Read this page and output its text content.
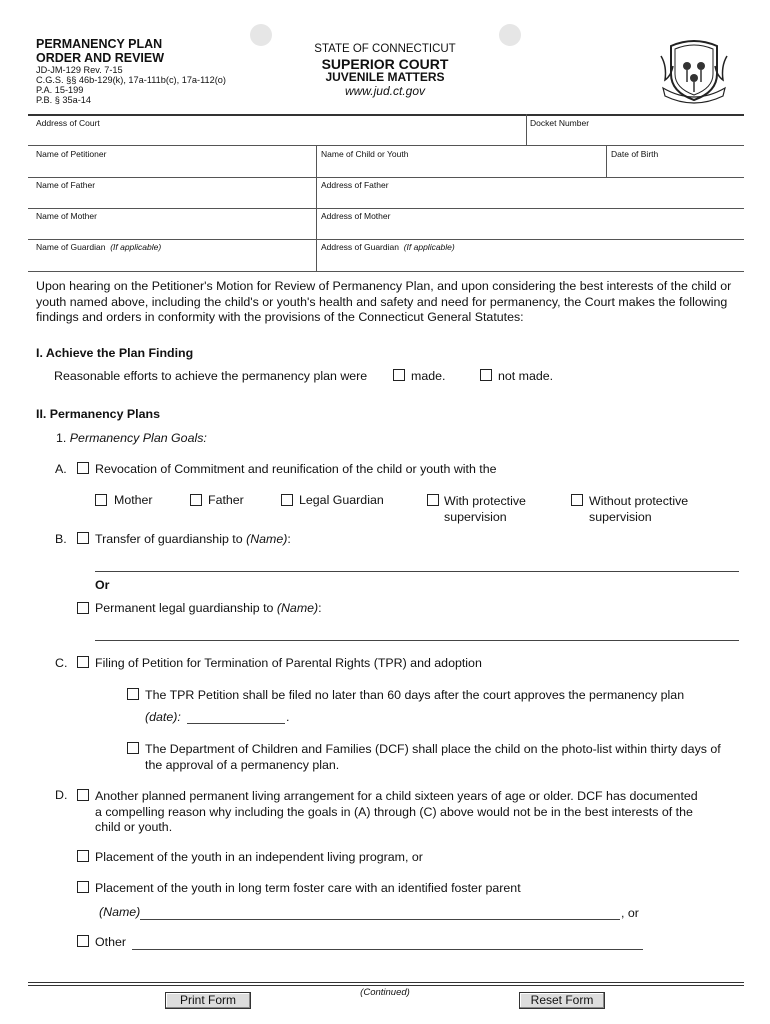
PERMANENCY PLAN
ORDER AND REVIEW
JD-JM-129 Rev. 7-15
C.G.S. §§ 46b-129(k), 17a-111b(c), 17a-112(o)
P.A. 15-199
P.B. § 35a-14
STATE OF CONNECTICUT
SUPERIOR COURT
JUVENILE MATTERS
www.jud.ct.gov
Address of Court	Docket Number
Name of Petitioner	Name of Child or Youth	Date of Birth
Name of Father	Address of Father
Name of Mother	Address of Mother
Name of Guardian (If applicable)	Address of Guardian (If applicable)
Upon hearing on the Petitioner's Motion for Review of Permanency Plan, and upon considering the best interests of the child or youth named above, including the child's or youth's health and safety and need for permanency, the Court makes the following findings and orders in conformity with the provisions of the Connecticut General Statutes:
I. Achieve the Plan Finding
Reasonable efforts to achieve the permanency plan were	made.	not made.
II. Permanency Plans
1. Permanency Plan Goals:
A. Revocation of Commitment and reunification of the child or youth with the
Mother	Father	Legal Guardian	With protective
supervision
Without protective
supervision
B. Transfer of guardianship to (Name):
Or
Permanent legal guardianship to (Name):
C. Filing of Petition for Termination of Parental Rights (TPR) and adoption
The TPR Petition shall be filed no later than 60 days after the court approves the permanency plan
(date):	.
The Department of Children and Families (DCF) shall place the child on the photo-list within thirty days of
the approval of a permanency plan.
D. Another planned permanent living arrangement for a child sixteen years of age or older. DCF has documented
a compelling reason why including the goals in (A) through (C) above would not be in the best interests of the
child or youth.
Placement of the youth in an independent living program, or
Placement of the youth in long term foster care with an identified foster parent
(Name)	, or
Other
Print Form
(Continued)
Reset Form
